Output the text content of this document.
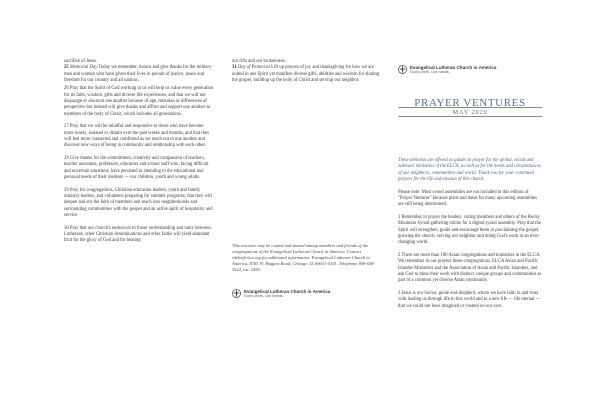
sacrifice of Jesus.
25 Memorial Day Today we remember, mourn and give thanks for the military men and women who have given their lives in pursuit of justice, peace and freedom for our country and all nations.

26 Pray that the Spirit of God working in us will help us value every generation for its faith, wisdom, gifts and diverse life experiences, and that we will not disparage or discount one another because of age, mistakes or differences of perspective but instead will give thanks and affirm and support one another as members of the body of Christ, which includes all generations.

27 Pray that we will be mindful and responsive to those who have become more lonely, isolated or distant over the past weeks and months, and that they will feel more connected and comforted as we reach out to one another and discover new ways of being in community and relationship with each other.

28 Give thanks for the commitment, creativity and compassion of teachers, teacher assistants, professors, educators and school staff who, facing difficult and uncertain situations, have persisted in attending to the educational and personal needs of their students — our children, youth and young adults.

29 Pray for congregations, Christian education leaders, youth and family ministry leaders, and volunteers preparing for summer programs, that they will deepen and stir the faith of members and reach into neighborhoods and surrounding communities with the gospel and an active spirit of hospitality and service.

30 Pray that our church's endeavors to foster understanding and unity between Lutherans, other Christian denominations and other faiths will yield abundant fruit for the glory of God and for healing

our rifts and our brokenness.
31 Day of Pentecost Lift up prayers of joy and thanksgiving for how we are united in one Spirit yet manifest diverse gifts, abilities and wisdom for sharing the gospel, building up the body of Christ and serving our neighbor.

This resource may be copied and shared among members and friends of the congregations of the Evangelical Lutheran Church in America. Contact rdeliz@elca.org for additional information. Evangelical Lutheran Church in America, 8765 W. Higgins Road, Chicago, IL 60631-4101. Telephone 800-638-3522, ext. 2450.

Evangelical Lutheran Church in America
God's work. Our hands.
Evangelical Lutheran Church in America
God's work. Our hands.
PRAYER VENTURES
MAY 2020

These petitions are offered as guides to prayer for the global, social and outreach ministries of the ELCA, as well as for the needs and circumstances of our neighbors, communities and world. Thank you for your continued prayers for the life and mission of this church.

Please note: Most synod assemblies are not included in this edition of "Prayer Ventures" because plans and dates for many upcoming assemblies are still being determined.

1 Remember in prayer the leaders, voting members and others of the Rocky Mountain Synod gathering online for a digital synod assembly. Pray that the Spirit will strengthen, guide and encourage them in proclaiming the gospel, growing the church, serving our neighbor and doing God's work in an ever-changing world.

2 There are more than 180 Asian congregations and ministries in the ELCA. We remember in our prayers these congregations, ELCA Asian and Pacific Islander Ministries and the Association of Asian and Pacific Islanders, and ask God to bless their work with distinct, unique groups and communities as part of a common yet diverse Asian community.

3 Jesus is our Savior, guide and shepherd, whom we have faith in and trust with leading us through life in this world and to a new life — life eternal — that we could not have imagined or created on our own.
